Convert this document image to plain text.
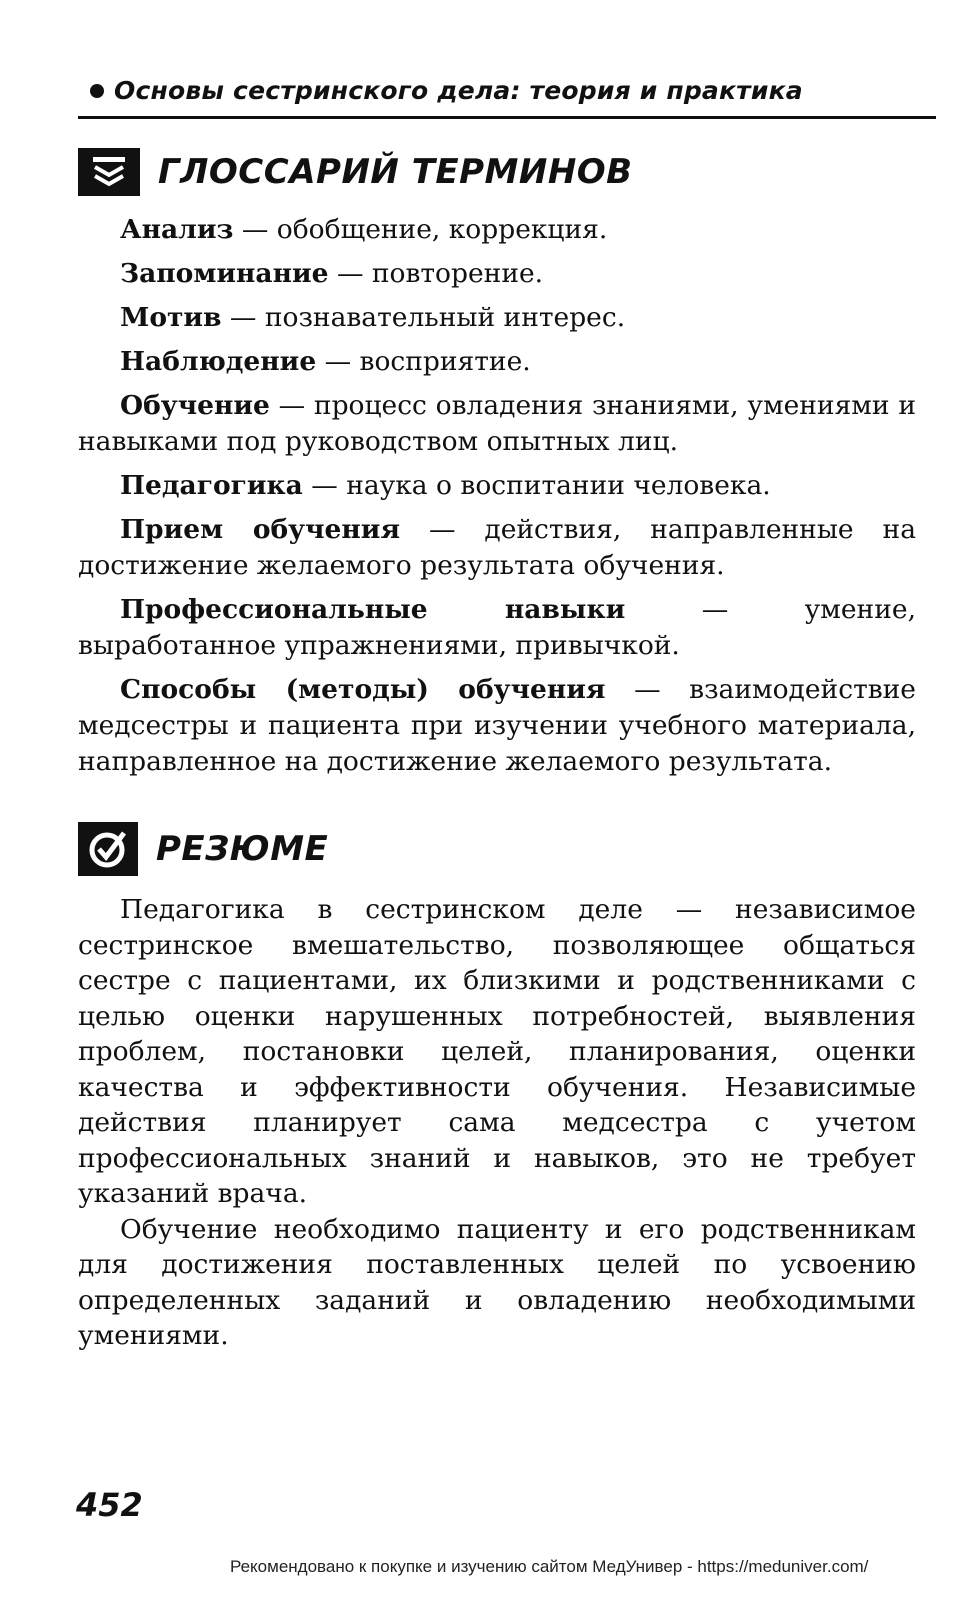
Основы сестринского дела: теория и практика
ГЛОССАРИЙ ТЕРМИНОВ

Анализ — обобщение, коррекция.

Запоминание — повторение.

Мотив — познавательный интерес.

Наблюдение — восприятие.

Обучение — процесс овладения знаниями, умениями и навыками под руководством опытных лиц.

Педагогика — наука о воспитании человека.

Прием обучения — действия, направленные на достижение желаемого результата обучения.

Профессиональные навыки — умение, выработанное упражнениями, привычкой.

Способы (методы) обучения — взаимодействие медсестры и пациента при изучении учебного материала, направленное на достижение желаемого результата.

РЕЗЮМЕ

Педагогика в сестринском деле — независимое сестринское вмешательство, позволяющее общаться сестре с пациентами, их близкими и родственниками с целью оценки нарушенных потребностей, выявления проблем, постановки целей, планирования, оценки качества и эффективности обучения. Независимые действия планирует сама медсестра с учетом профессиональных знаний и навыков, это не требует указаний врача.

Обучение необходимо пациенту и его родственникам для достижения поставленных целей по усвоению определенных заданий и овладению необходимыми умениями.

452
Рекомендовано к покупке и изучению сайтом МедУнивер - https://meduniver.com/
